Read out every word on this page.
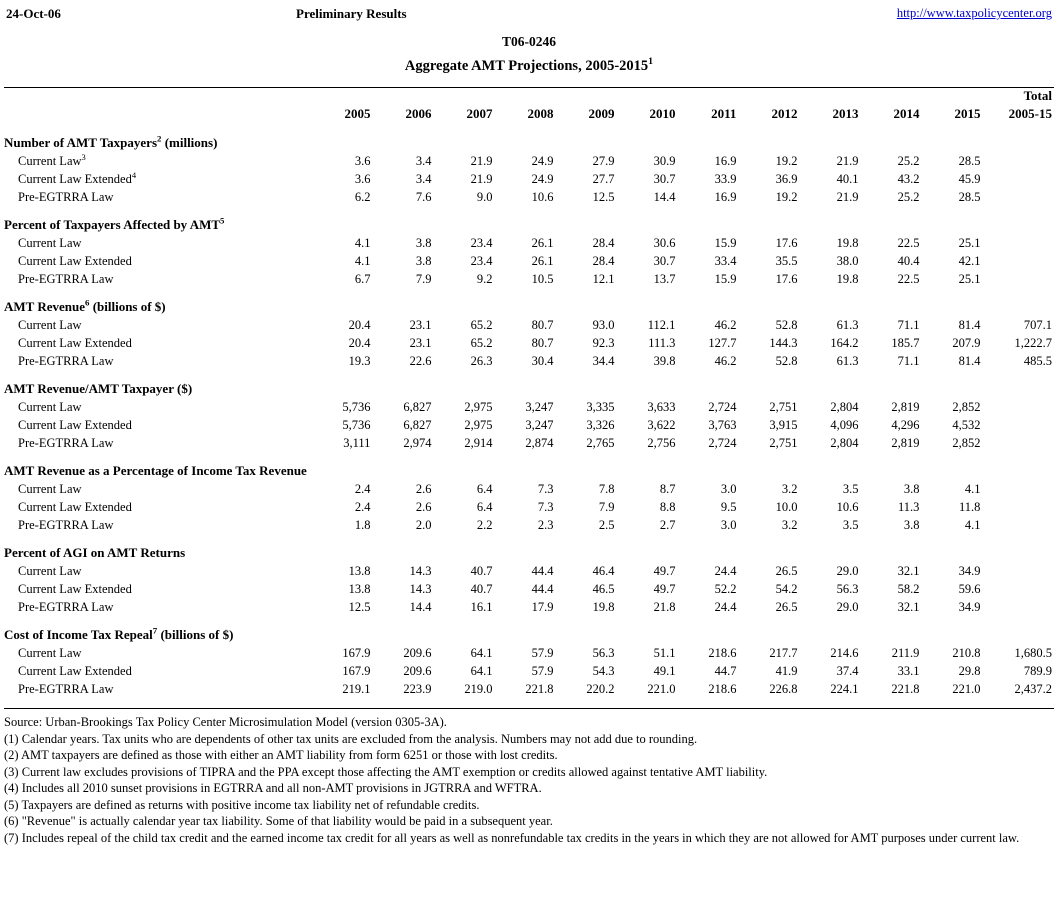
24-Oct-06	Preliminary Results	http://www.taxpolicycenter.org
T06-0246
Aggregate AMT Projections, 2005-2015$^1$
												Total
	2005	2006	2007	2008	2009	2010	2011	2012	2013	2014	2015	2005-15
Number of AMT Taxpayers$^2$ (millions)												
Current Law$^3$	3.6	3.4	21.9	24.9	27.9	30.9	16.9	19.2	21.9	25.2	28.5	
Current Law Extended$^4$	3.6	3.4	21.9	24.9	27.7	30.7	33.9	36.9	40.1	43.2	45.9	
Pre-EGTRRA Law	6.2	7.6	9.0	10.6	12.5	14.4	16.9	19.2	21.9	25.2	28.5	
Percent of Taxpayers Affected by AMT$^5$												
Current Law	4.1	3.8	23.4	26.1	28.4	30.6	15.9	17.6	19.8	22.5	25.1	
Current Law Extended	4.1	3.8	23.4	26.1	28.4	30.7	33.4	35.5	38.0	40.4	42.1	
Pre-EGTRRA Law	6.7	7.9	9.2	10.5	12.1	13.7	15.9	17.6	19.8	22.5	25.1	
AMT Revenue$^6$ (billions of $)												
Current Law	20.4	23.1	65.2	80.7	93.0	112.1	46.2	52.8	61.3	71.1	81.4	707.1
Current Law Extended	20.4	23.1	65.2	80.7	92.3	111.3	127.7	144.3	164.2	185.7	207.9	1,222.7
Pre-EGTRRA Law	19.3	22.6	26.3	30.4	34.4	39.8	46.2	52.8	61.3	71.1	81.4	485.5
AMT Revenue/AMT Taxpayer ($)												
Current Law	5,736	6,827	2,975	3,247	3,335	3,633	2,724	2,751	2,804	2,819	2,852	
Current Law Extended	5,736	6,827	2,975	3,247	3,326	3,622	3,763	3,915	4,096	4,296	4,532	
Pre-EGTRRA Law	3,111	2,974	2,914	2,874	2,765	2,756	2,724	2,751	2,804	2,819	2,852	
AMT Revenue as a Percentage of Income Tax Revenue												
Current Law	2.4	2.6	6.4	7.3	7.8	8.7	3.0	3.2	3.5	3.8	4.1	
Current Law Extended	2.4	2.6	6.4	7.3	7.9	8.8	9.5	10.0	10.6	11.3	11.8	
Pre-EGTRRA Law	1.8	2.0	2.2	2.3	2.5	2.7	3.0	3.2	3.5	3.8	4.1	
Percent of AGI on AMT Returns												
Current Law	13.8	14.3	40.7	44.4	46.4	49.7	24.4	26.5	29.0	32.1	34.9	
Current Law Extended	13.8	14.3	40.7	44.4	46.5	49.7	52.2	54.2	56.3	58.2	59.6	
Pre-EGTRRA Law	12.5	14.4	16.1	17.9	19.8	21.8	24.4	26.5	29.0	32.1	34.9	
Cost of Income Tax Repeal$^7$ (billions of $)												
Current Law	167.9	209.6	64.1	57.9	56.3	51.1	218.6	217.7	214.6	211.9	210.8	1,680.5
Current Law Extended	167.9	209.6	64.1	57.9	54.3	49.1	44.7	41.9	37.4	33.1	29.8	789.9
Pre-EGTRRA Law	219.1	223.9	219.0	221.8	220.2	221.0	218.6	226.8	224.1	221.8	221.0	2,437.2
Source: Urban-Brookings Tax Policy Center Microsimulation Model (version 0305-3A).
(1) Calendar years. Tax units who are dependents of other tax units are excluded from the analysis. Numbers may not add due to rounding.
(2) AMT taxpayers are defined as those with either an AMT liability from form 6251 or those with lost credits.
(3) Current law excludes provisions of TIPRA and the PPA except those affecting the AMT exemption or credits allowed against tentative AMT liability.
(4) Includes all 2010 sunset provisions in EGTRRA and all non-AMT provisions in JGTRRA and WFTRA.
(5) Taxpayers are defined as returns with positive income tax liability net of refundable credits.
(6) "Revenue" is actually calendar year tax liability. Some of that liability would be paid in a subsequent year.
(7) Includes repeal of the child tax credit and the earned income tax credit for all years as well as nonrefundable tax credits in the years in which they are not allowed for AMT purposes under current law.
